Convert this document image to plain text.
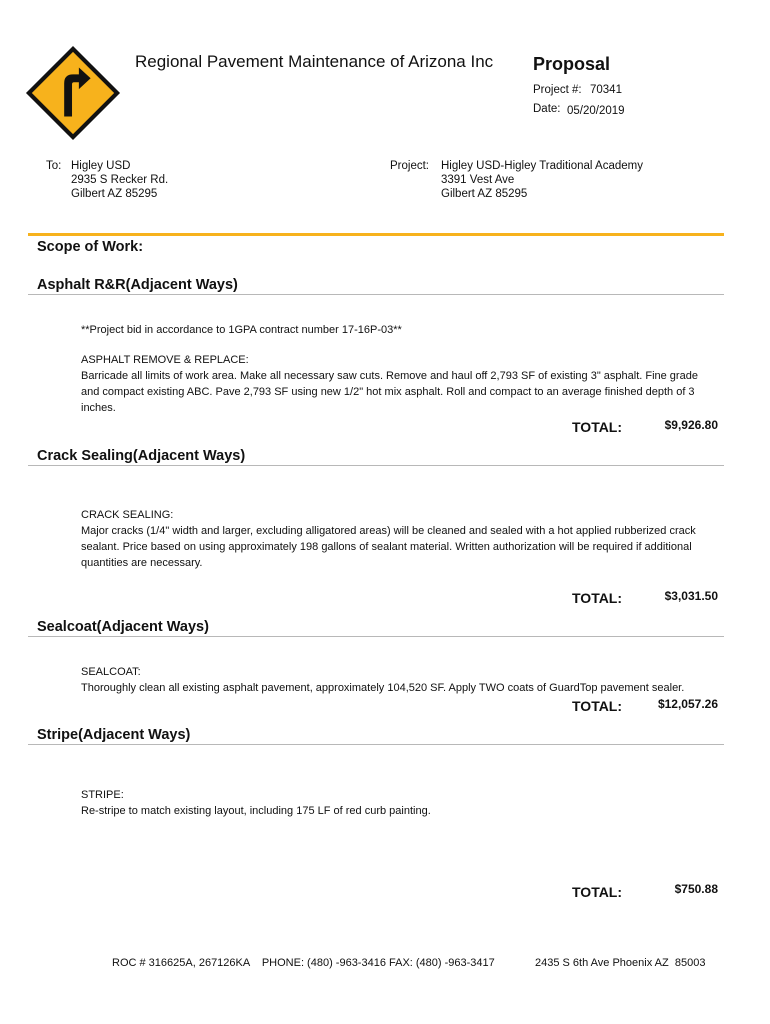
Regional Pavement Maintenance of Arizona Inc Proposal
Project #: 70341
Date: 05/20/2019
To: Higley USD
2935 S Recker Rd.
Gilbert AZ 85295
Project: Higley USD-Higley Traditional Academy
3391 Vest Ave
Gilbert AZ 85295
Scope of Work:
Asphalt R&R(Adjacent Ways)
**Project bid in accordance to 1GPA contract number 17-16P-03**
ASPHALT REMOVE & REPLACE:
Barricade all limits of work area. Make all necessary saw cuts. Remove and haul off 2,793 SF of existing 3" asphalt. Fine grade and compact existing ABC. Pave 2,793 SF using new 1/2" hot mix asphalt. Roll and compact to an average finished depth of 3 inches.
TOTAL:	$9,926.80
Crack Sealing(Adjacent Ways)
CRACK SEALING:
Major cracks (1/4" width and larger, excluding alligatored areas) will be cleaned and sealed with a hot applied rubberized crack sealant. Price based on using approximately 198 gallons of sealant material. Written authorization will be required if additional quantities are necessary.
TOTAL:	$3,031.50
Sealcoat(Adjacent Ways)
SEALCOAT:
Thoroughly clean all existing asphalt pavement, approximately 104,520 SF. Apply TWO coats of GuardTop pavement sealer.
TOTAL:	$12,057.26
Stripe(Adjacent Ways)
STRIPE:
Re-stripe to match existing layout, including 175 LF of red curb painting.
TOTAL:	$750.88
ROC # 316625A, 267126KA    PHONE: (480) -963-3416 FAX: (480) -963-3417	2435 S 6th Ave Phoenix AZ  85003
